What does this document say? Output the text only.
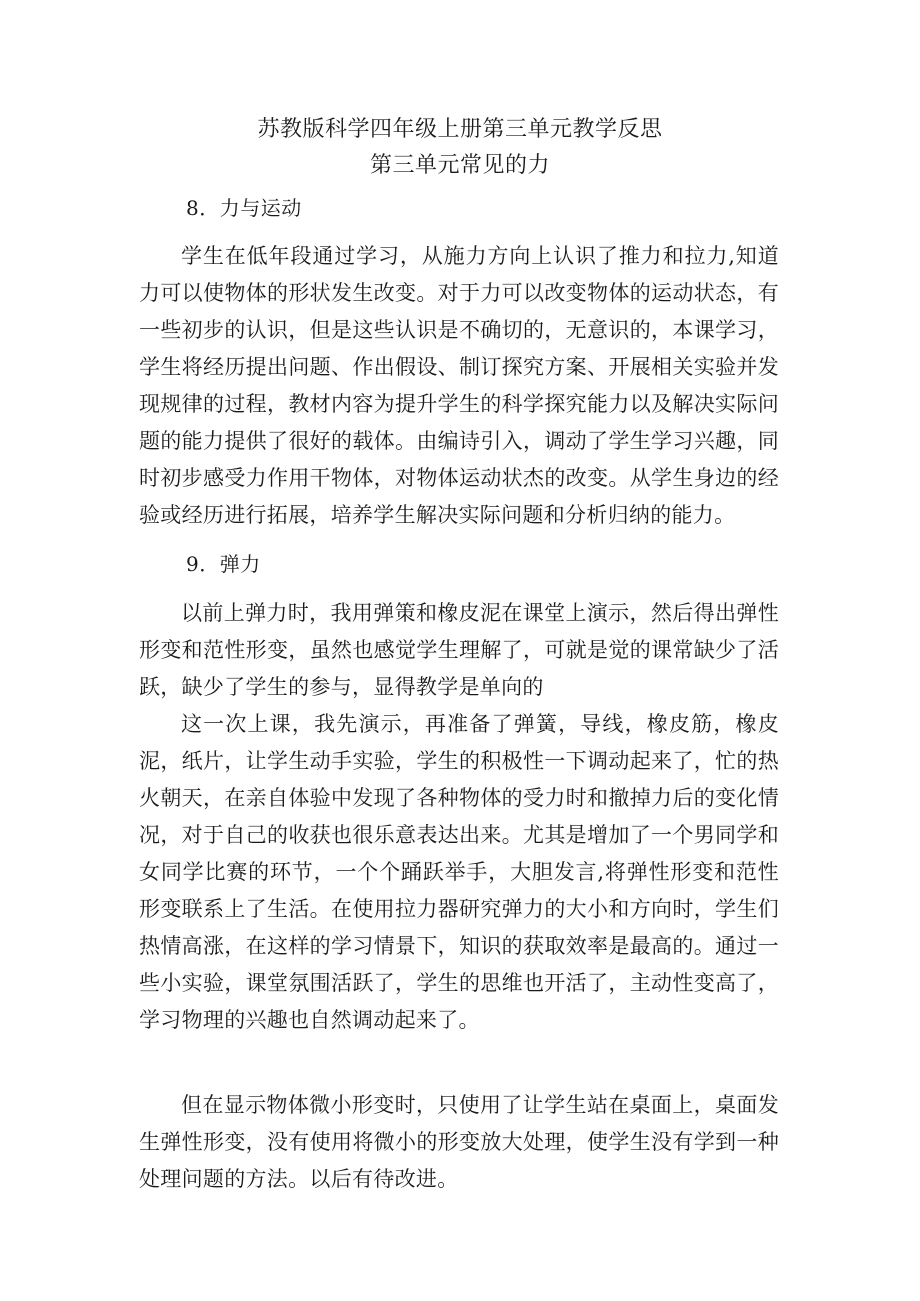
苏教版科学四年级上册第三单元教学反思
第三单元常见的力
8．力与运动

学生在低年段通过学习，从施力方向上认识了推力和拉力,知道力可以使物体的形状发生改变。对于力可以改变物体的运动状态，有一些初步的认识，但是这些认识是不确切的，无意识的，本课学习，学生将经历提出问题、作出假设、制订探究方案、开展相关实验并发现规律的过程，教材内容为提升学生的科学探究能力以及解决实际问题的能力提供了很好的载体。由编诗引入，调动了学生学习兴趣，同时初步感受力作用干物体，对物体运动状杰的改变。从学生身边的经验或经历进行拓展，培养学生解决实际问题和分析归纳的能力。

9．弹力

以前上弹力时，我用弹策和橡皮泥在课堂上演示，然后得出弹性形变和范性形变，虽然也感觉学生理解了，可就是觉的课常缺少了活跃，缺少了学生的参与，显得教学是单向的

这一次上课，我先演示，再准备了弹簧，导线，橡皮筋，橡皮泥，纸片，让学生动手实验，学生的积极性一下调动起来了，忙的热火朝天，在亲自体验中发现了各种物体的受力时和撤掉力后的变化情况，对于自己的收获也很乐意表达出来。尤其是增加了一个男同学和女同学比赛的环节，一个个踊跃举手，大胆发言,将弹性形变和范性形变联系上了生活。在使用拉力器研究弹力的大小和方向时，学生们热情高涨，在这样的学习情景下，知识的获取效率是最高的。通过一些小实验，课堂氛围活跃了，学生的思维也开活了，主动性变高了，学习物理的兴趣也自然调动起来了。

但在显示物体微小形变时，只使用了让学生站在桌面上，桌面发生弹性形变，没有使用将微小的形变放大处理，使学生没有学到一种处理问题的方法。以后有待改进。
